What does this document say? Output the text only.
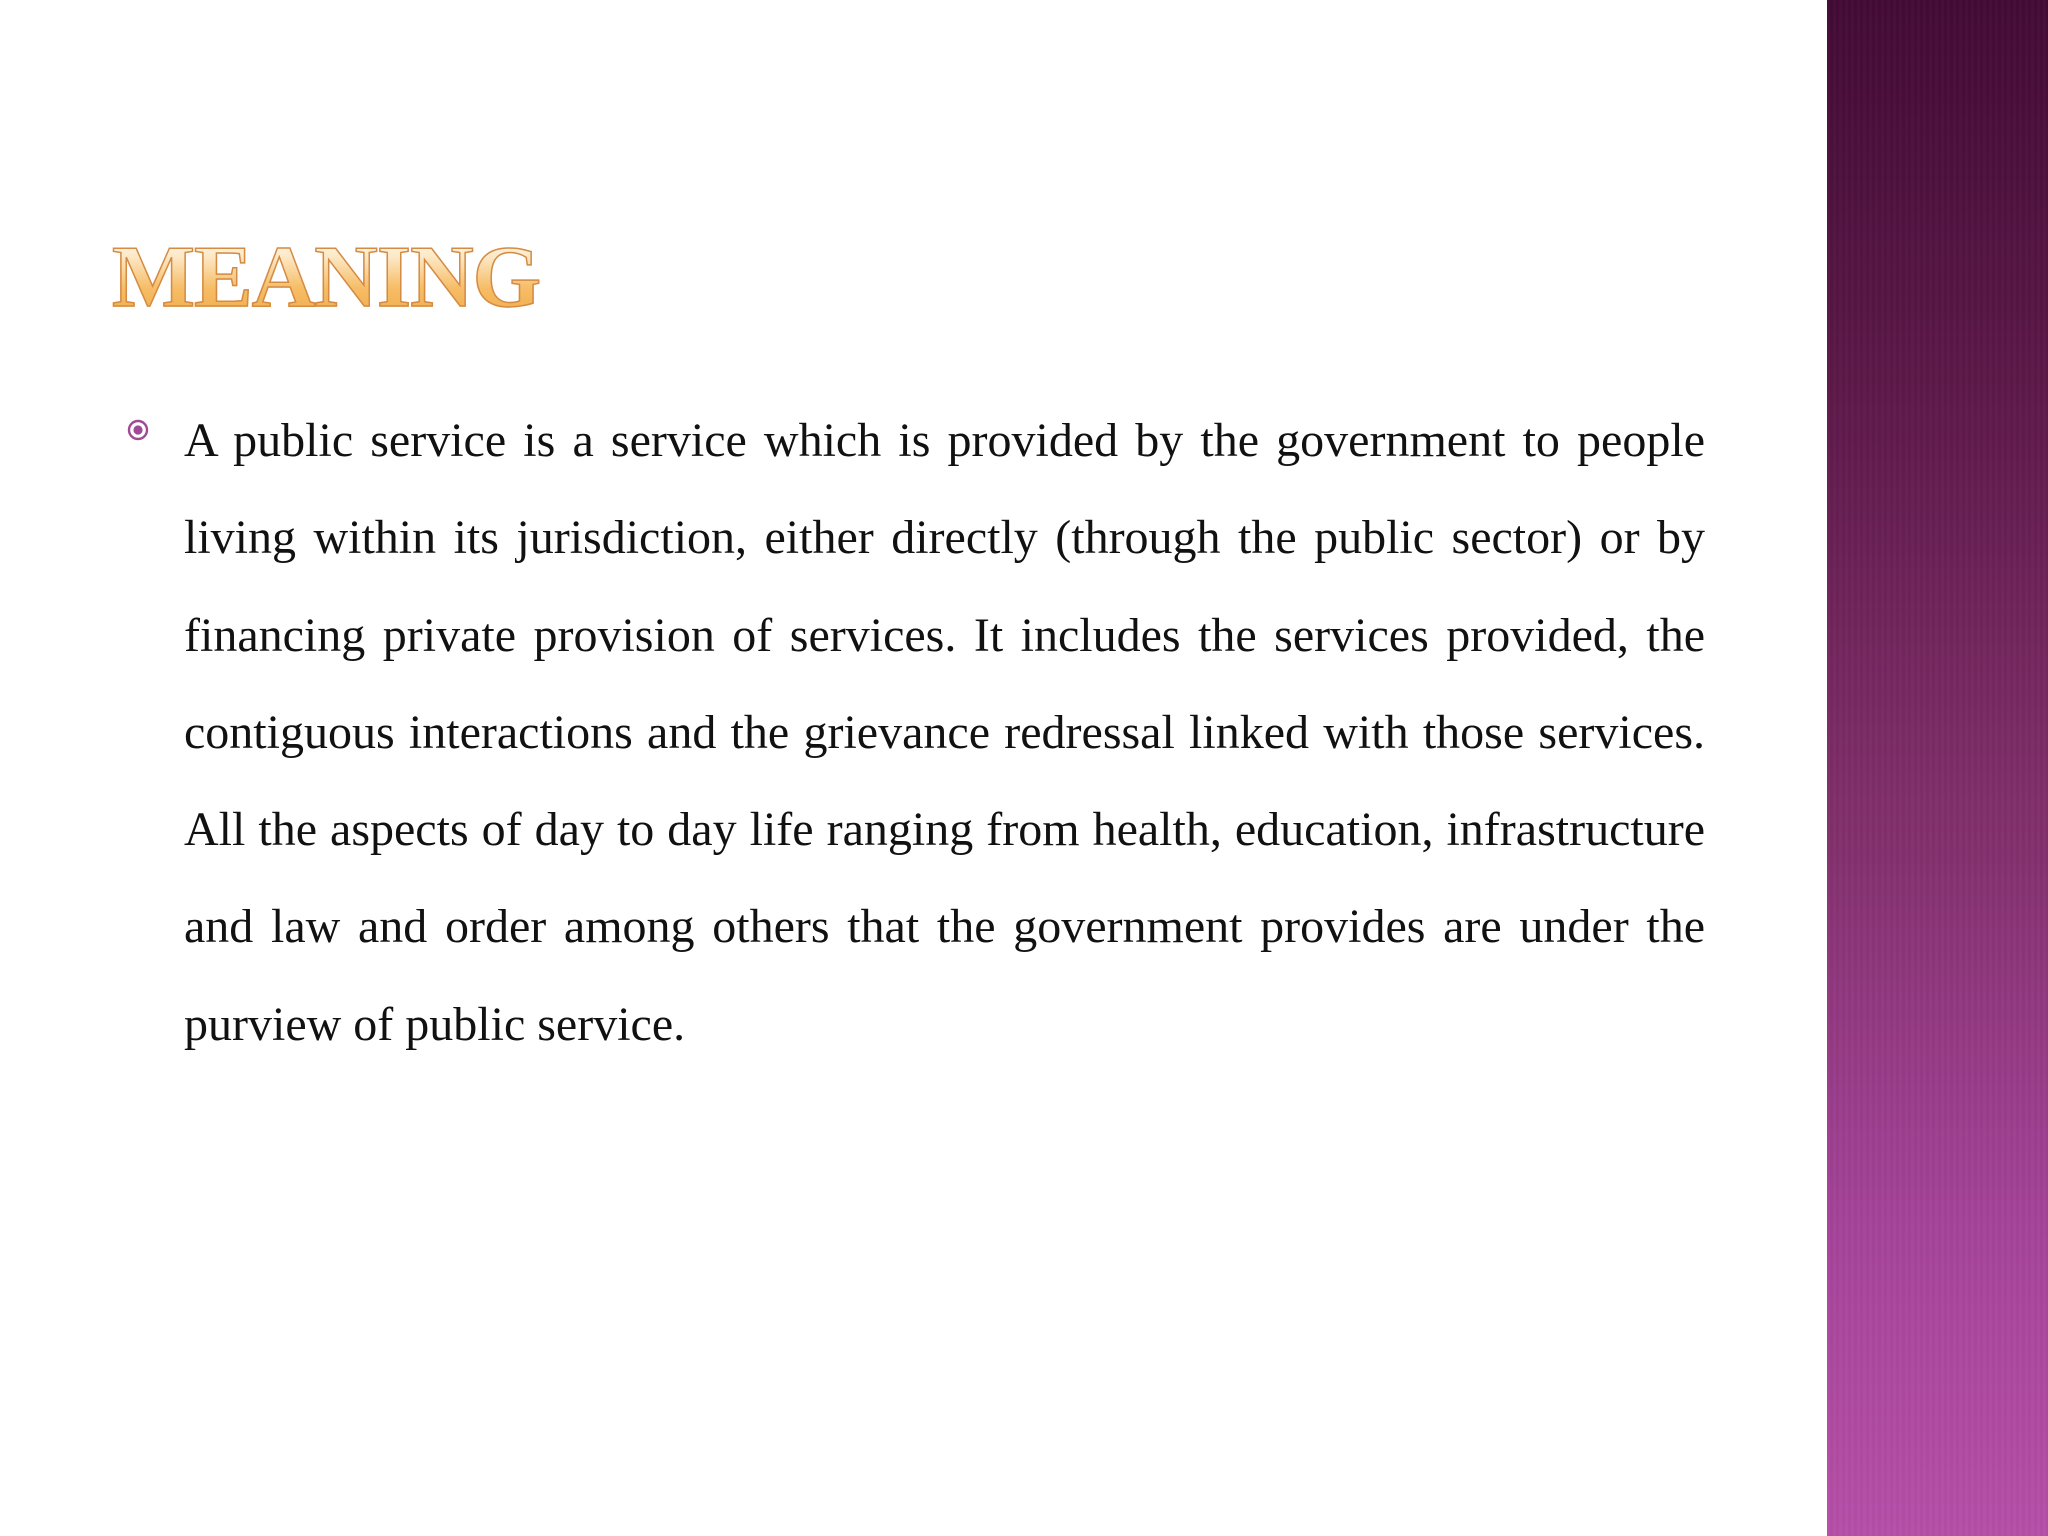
MEANING

A public service is a service which is provided by the government to people living within its jurisdiction, either directly (through the public sector) or by financing private provision of services. It includes the services provided, the contiguous interactions and the grievance redressal linked with those services. All the aspects of day to day life ranging from health, education, infrastructure and law and order among others that the government provides are under the purview of public service.
